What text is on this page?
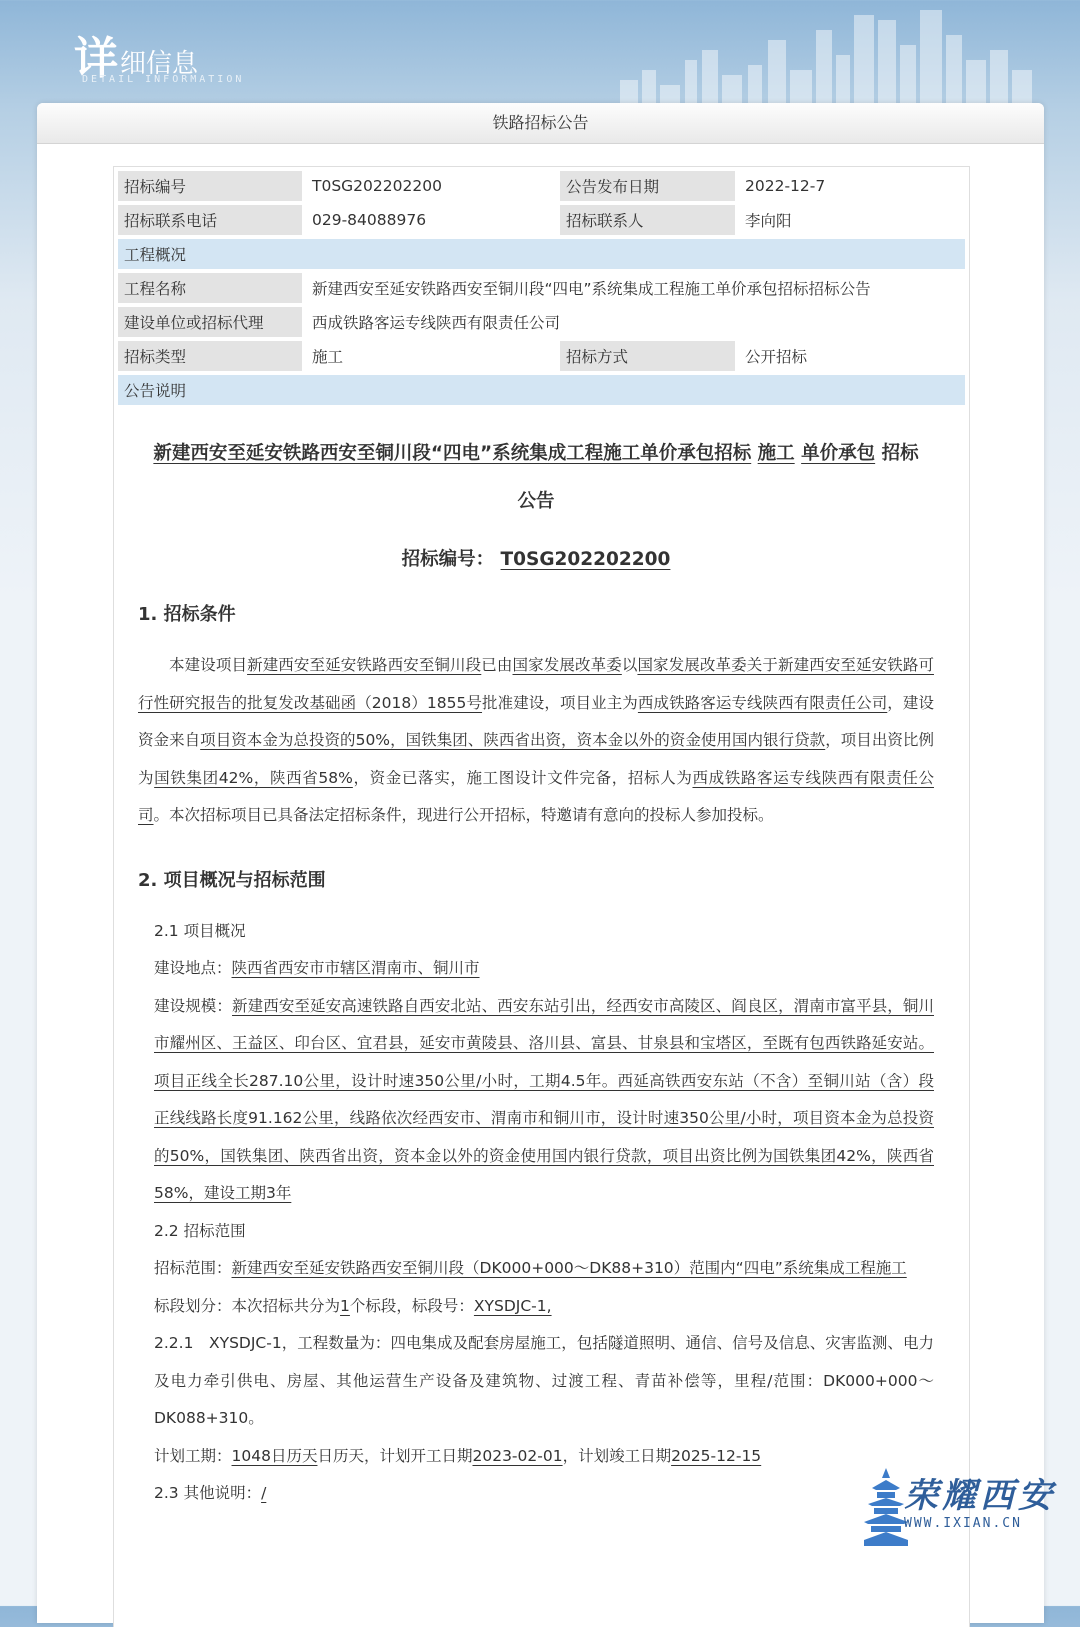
详细信息
DETAIL INFORMATION
铁路招标公告
招标编号	T0SG202202200	公告发布日期	2022-12-7
招标联系电话	029-84088976	招标联系人	李向阳
工程概况			
工程名称	新建西安至延安铁路西安至铜川段“四电”系统集成工程施工单价承包招标招标公告		
建设单位或招标代理	西成铁路客运专线陕西有限责任公司		
招标类型	施工	招标方式	公开招标
公告说明			
新建西安至延安铁路西安至铜川段“四电”系统集成工程施工单价承包招标 施工 单价承包 招标
公告
招标编号： T0SG202202200
1. 招标条件

本建设项目新建西安至延安铁路西安至铜川段已由国家发展改革委以国家发展改革委关于新建西安至延安铁路可行性研究报告的批复发改基础函（2018）1855号批准建设，项目业主为西成铁路客运专线陕西有限责任公司，建设资金来自项目资本金为总投资的50%，国铁集团、陕西省出资，资本金以外的资金使用国内银行贷款，项目出资比例为国铁集团42%，陕西省58%，资金已落实，施工图设计文件完备，招标人为西成铁路客运专线陕西有限责任公司。本次招标项目已具备法定招标条件，现进行公开招标，特邀请有意向的投标人参加投标。

2. 项目概况与招标范围
2.1 项目概况
建设地点：陕西省西安市市辖区渭南市、铜川市
建设规模：新建西安至延安高速铁路自西安北站、西安东站引出，经西安市高陵区、阎良区，渭南市富平县，铜川市耀州区、王益区、印台区、宜君县，延安市黄陵县、洛川县、富县、甘泉县和宝塔区，至既有包西铁路延安站。项目正线全长287.10公里，设计时速350公里/小时，工期4.5年。西延高铁西安东站（不含）至铜川站（含）段正线线路长度91.162公里，线路依次经西安市、渭南市和铜川市，设计时速350公里/小时，项目资本金为总投资的50%，国铁集团、陕西省出资，资本金以外的资金使用国内银行贷款，项目出资比例为国铁集团42%，陕西省58%，建设工期3年
2.2 招标范围
招标范围：新建西安至延安铁路西安至铜川段（DK000+000～DK88+310）范围内“四电”系统集成工程施工
标段划分：本次招标共分为1个标段，标段号：XYSDJC-1,
2.2.1　XYSDJC-1，工程数量为：四电集成及配套房屋施工，包括隧道照明、通信、信号及信息、灾害监测、电力及电力牵引供电、房屋、其他运营生产设备及建筑物、过渡工程、青苗补偿等，里程/范围：DK000+000～DK088+310。
计划工期：1048日历天日历天，计划开工日期2023-02-01，计划竣工日期2025-12-15
2.3 其他说明：/	荣耀西安
WWW.IXIAN.CN
